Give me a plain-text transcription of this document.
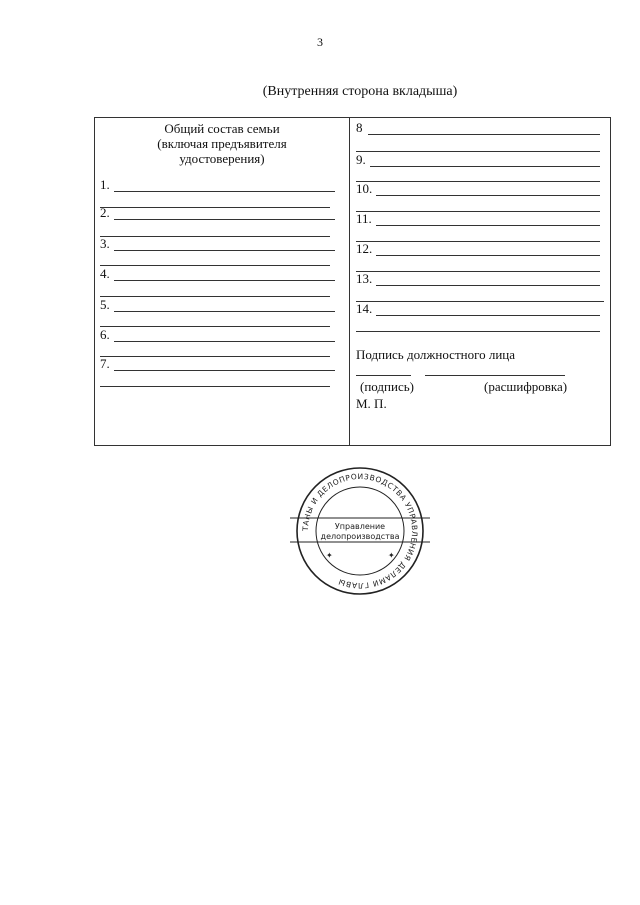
3
(Внутренняя сторона вкладыша)
Общий состав семьи
(включая предъявителя
удостоверения)
1.
2.
3.
4.
5.
6.
7.
8
9.
10.
11.
12.
13.
14.
Подпись должностного лица
(подпись)	(расшифровка)
М. П.
ТАНЫ И ДЕЛОПРОИЗВОДСТВА УПРАВЛЕНИЯ ДЕЛАМИ ГЛАВЫ
Управление
делопроизводства
✦	✦
